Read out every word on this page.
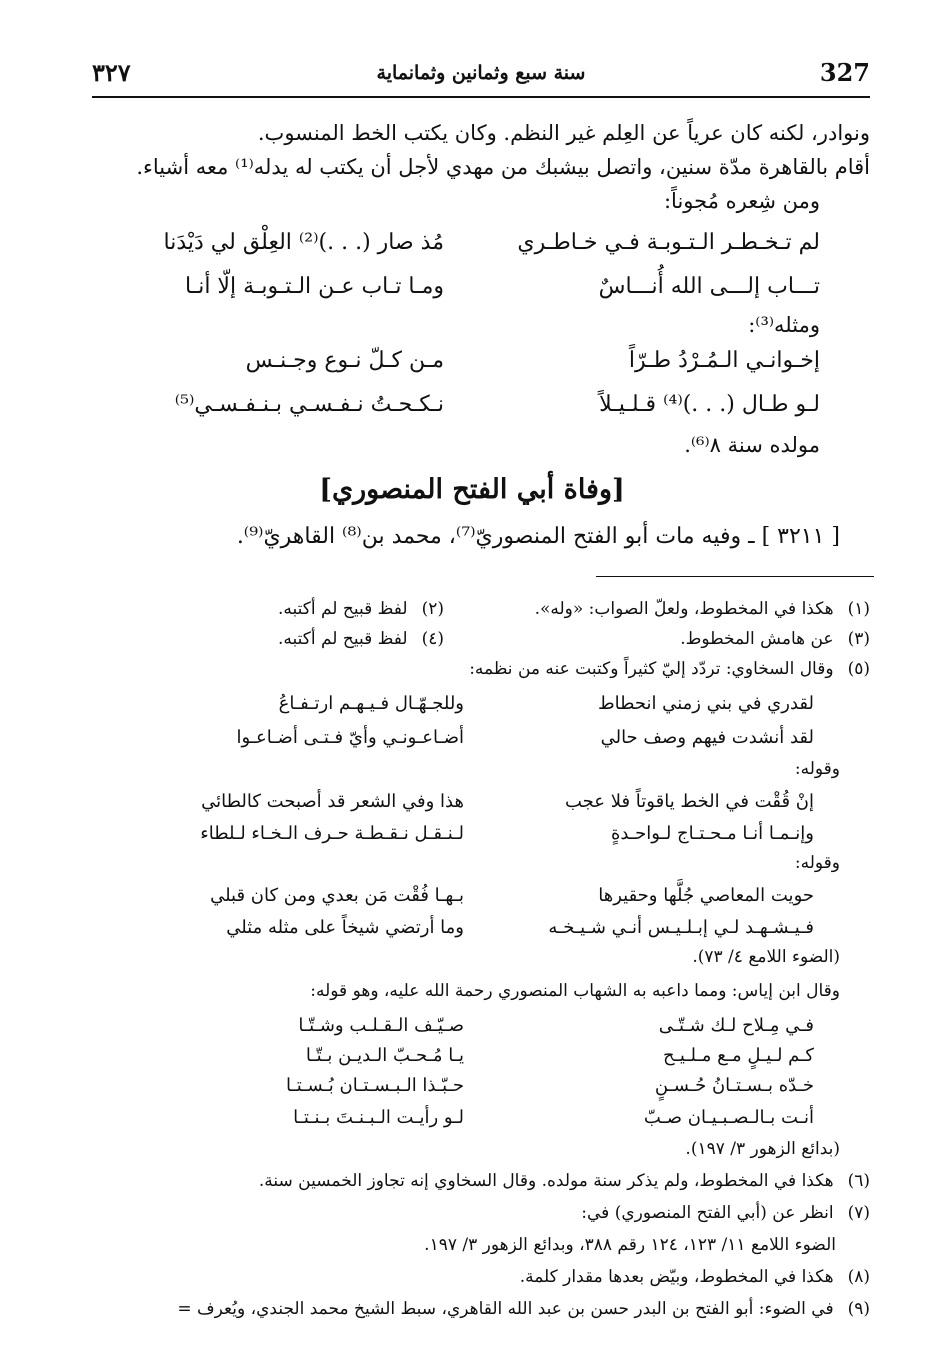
327
سنة سبع وثمانين وثمانماية
٣٢٧
ونوادر، لكنه كان عرياً عن العِلم غير النظم. وكان يكتب الخط المنسوب.
أقام بالقاهرة مدّة سنين، واتصل بيشبك من مهدي لأجل أن يكتب له يدله⁽¹⁾ معه أشياء.
ومن شِعره مُجوناً:
لم تـخـطـر الـتـوبـة فـي خـاطـري
مُذ صار (. . .)⁽²⁾ العِلْق لي دَيْدَنا
تـــاب إلـــى الله أُنـــاسٌ
ومـا تـاب عـن الـتـوبـة إلّا أنـا
ومثله⁽³⁾:
إخـوانـي الـمُـرْدُ طـرّاً
مـن كـلّ نـوع وجـنـس
لـو طـال (. . .)⁽⁴⁾ قـلـيـلاً
نـكـحـتُ نـفـسـي بـنـفـسـي⁽⁵⁾
مولده سنة ٨⁽⁶⁾.
[وفاة أبي الفتح المنصوري]
[ ٣٢١١ ] ـ وفيه مات أبو الفتح المنصوريّ⁽⁷⁾، محمد بن⁽⁸⁾ القاهريّ⁽⁹⁾.
(١)هكذا في المخطوط، ولعلّ الصواب: «وله».
(٢)لفظ قبيح لم أكتبه.
(٣)عن هامش المخطوط.
(٤)لفظ قبيح لم أكتبه.
(٥)وقال السخاوي: تردّد إليّ كثيراً وكتبت عنه من نظمه:
لقدري في بني زمني انحطاط
وللجـهّـال فـيـهـم ارتـفـاعُ
لقد أنشدت فيهم وصف حالي
أضـاعـونـي وأيّ فـتـى أضـاعـوا
وقوله:
إنْ قُقْت في الخط ياقوتاً فلا عجب
هذا وفي الشعر قد أصبحت كالطائي
وإنـمـا أنـا مـحـتـاج لـواحـدةٍ
لـنـقـل نـقـطـة حـرف الـخـاء لـلطاء
وقوله:
حويت المعاصي جُلَّها وحقيرها
بـهـا فُقْت مَن بعدي ومن كان قبلي
فـيـشـهـد لـي إبـلـيـس أنـي شـيـخـه
وما أرتضي شيخاً على مثله مثلي
(الضوء اللامع ٤/ ٧٣).
وقال ابن إياس: ومما داعبه به الشهاب المنصوري رحمة الله عليه، وهو قوله:
فـي مِـلاح لـك شـتّـى
صـيّـف الـقـلـب وشـتّـا
كـم لـيـلٍ مـع مـلـيـح
يـا مُـحـبّ الـديـن بـتّـا
خـدّه بـسـتـانُ حُـسـنٍ
حـبّـذا الـبـسـتـان بُـسـتـا
أنـت بـالـصـبـيـان صـبّ
لـو رأيـت الـبـنـتَ بـنـتـا
(بدائع الزهور ٣/ ١٩٧).
(٦)هكذا في المخطوط، ولم يذكر سنة مولده. وقال السخاوي إنه تجاوز الخمسين سنة.
(٧)انظر عن (أبي الفتح المنصوري) في:
الضوء اللامع ١١/ ١٢٣، ١٢٤ رقم ٣٨٨، وبدائع الزهور ٣/ ١٩٧.
(٨)هكذا في المخطوط، وبيّض بعدها مقدار كلمة.
(٩)في الضوء: أبو الفتح بن البدر حسن بن عبد الله القاهري، سبط الشيخ محمد الجندي، ويُعرف =
